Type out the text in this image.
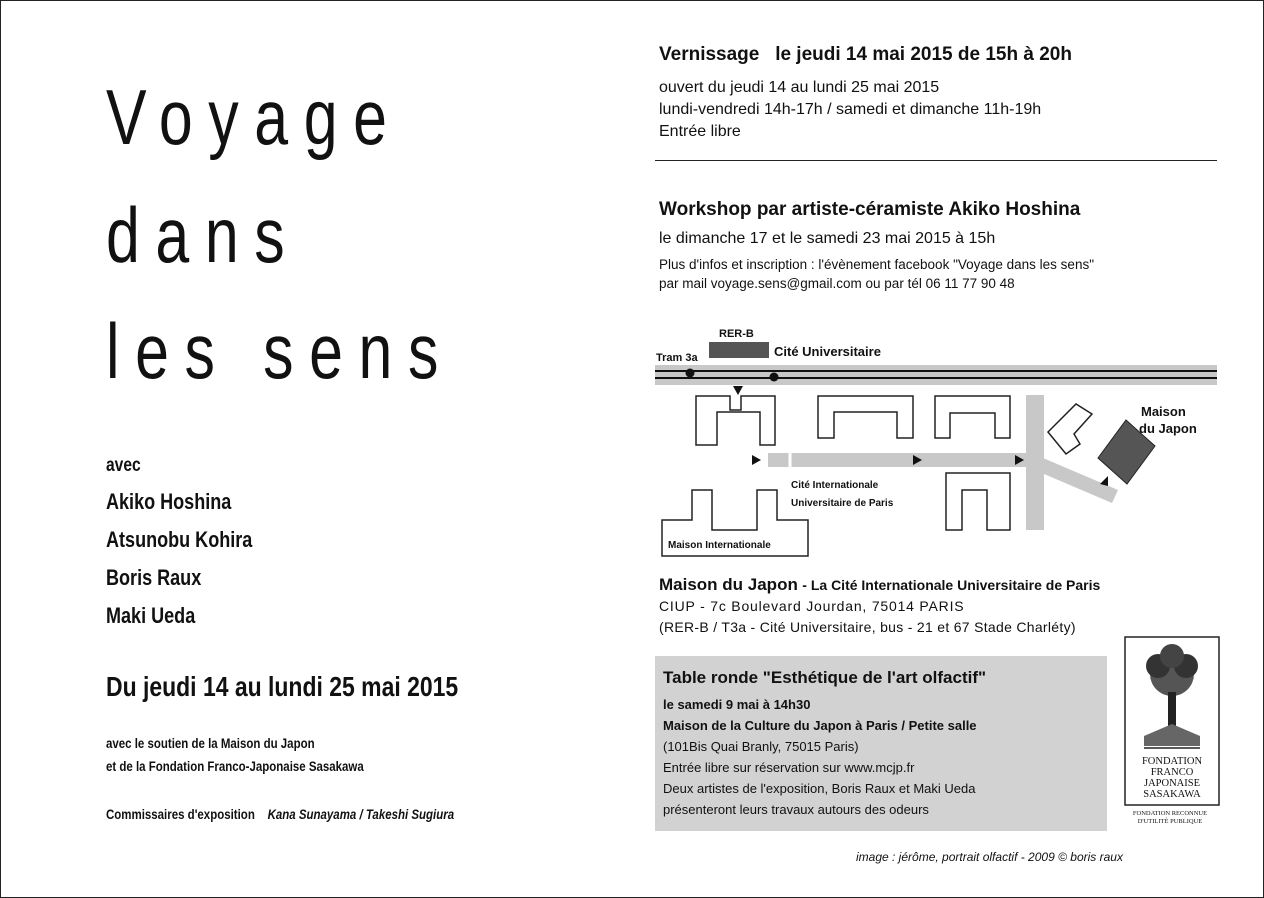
Voyage
dans
les sens
avec
Akiko Hoshina
Atsunobu Kohira
Boris Raux
Maki Ueda
Du jeudi 14 au lundi 25 mai 2015
avec le soutien de la Maison du Japon
et de la Fondation Franco-Japonaise Sasakawa
Commissaires d'exposition Kana Sunayama / Takeshi Sugiura
Vernissage le jeudi 14 mai 2015 de 15h à 20h
ouvert du jeudi 14 au lundi 25 mai 2015
lundi-vendredi 14h-17h / samedi et dimanche 11h-19h
Entrée libre
Workshop par artiste-céramiste Akiko Hoshina
le dimanche 17 et le samedi 23 mai 2015 à 15h
Plus d'infos et inscription : l'évènement facebook "Voyage dans les sens"
par mail voyage.sens@gmail.com ou par tél 06 11 77 90 48
RER-B
Tram 3a	Cité Universitaire
Maison
du Japon
Cité Internationale
Universitaire de Paris
Maison Internationale
Maison du Japon - La Cité Internationale Universitaire de Paris
CIUP - 7c Boulevard Jourdan, 75014 PARIS
(RER-B / T3a - Cité Universitaire, bus - 21 et 67 Stade Charléty)
Table ronde "Esthétique de l'art olfactif"
le samedi 9 mai à 14h30
Maison de la Culture du Japon à Paris / Petite salle
(101Bis Quai Branly, 75015 Paris)
Entrée libre sur réservation sur www.mcjp.fr
Deux artistes de l'exposition, Boris Raux et Maki Ueda
présenteront leurs travaux autours des odeurs
FONDATION
FRANCO
JAPONAISE
SASAKAWA
FONDATION RECONNUE D'UTILITÉ PUBLIQUE
image : jérôme, portrait olfactif - 2009 © boris raux
